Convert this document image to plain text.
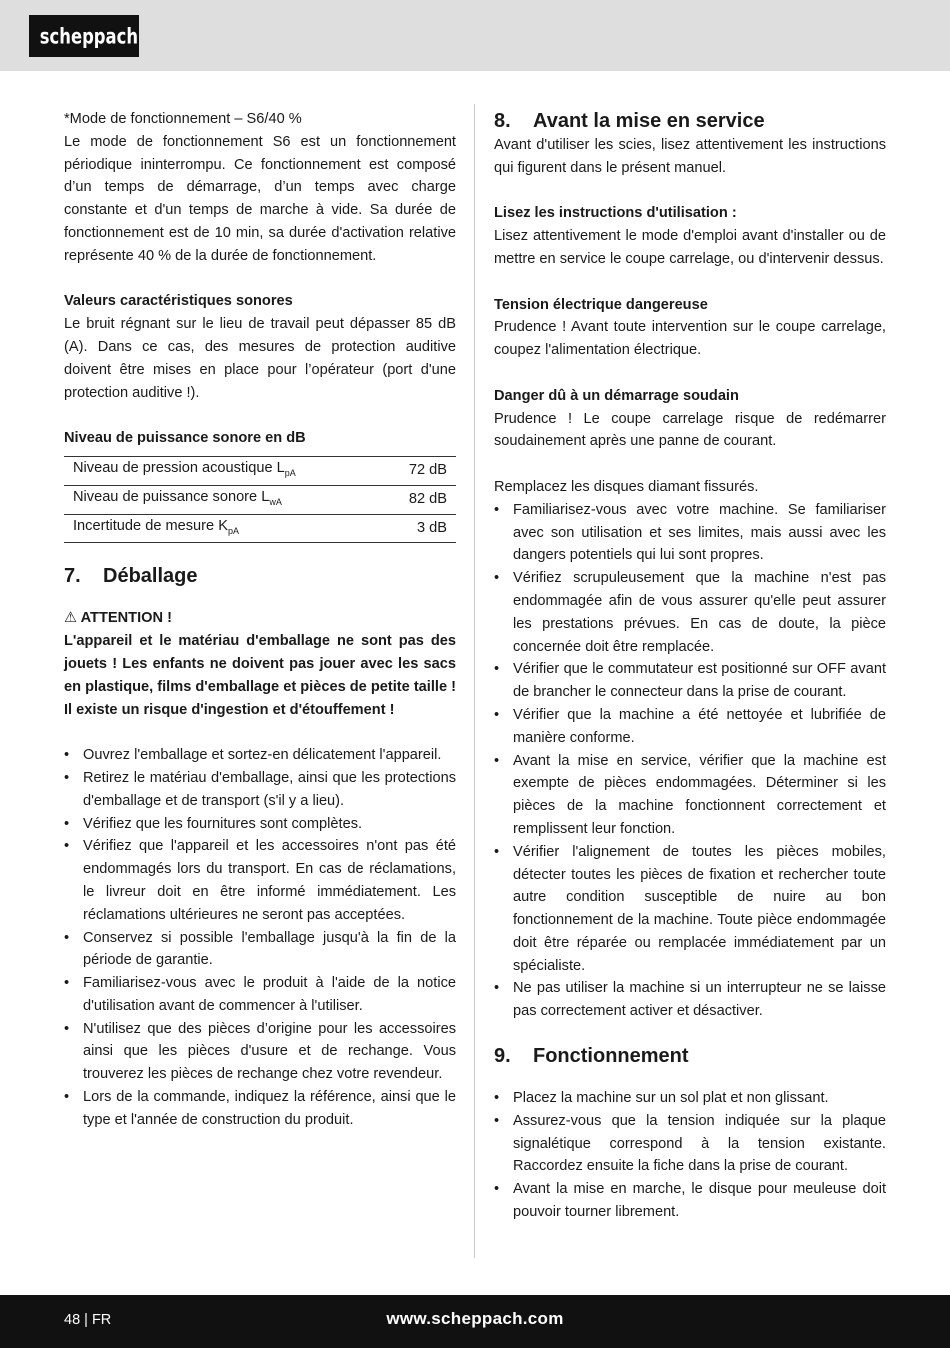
scheppach

*Mode de fonctionnement – S6/40 %

Le mode de fonctionnement S6 est un fonctionnement périodique ininterrompu. Ce fonctionnement est composé d’un temps de démarrage, d’un temps avec charge constante et d'un temps de marche à vide. Sa durée de fonctionnement est de 10 min, sa durée d'activation relative représente 40 % de la durée de fonctionnement.

Valeurs caractéristiques sonores

Le bruit régnant sur le lieu de travail peut dépasser 85 dB (A). Dans ce cas, des mesures de protection auditive doivent être mises en place pour l’opérateur (port d'une protection auditive !).

Niveau de puissance sonore en dB

Niveau de pression acoustique $L_{pA}$	72 dB
Niveau de puissance sonore $L_{wA}$	82 dB
Incertitude de mesure $K_{pA}$	3 dB
7. Déballage

⚠ ATTENTION !

L'appareil et le matériau d'emballage ne sont pas des jouets ! Les enfants ne doivent pas jouer avec les sacs en plastique, films d'emballage et pièces de petite taille ! Il existe un risque d'ingestion et d'étouffement !

• Ouvrez l'emballage et sortez-en délicatement l'appareil.
• Retirez le matériau d'emballage, ainsi que les protections d'emballage et de transport (s'il y a lieu).
• Vérifiez que les fournitures sont complètes.
• Vérifiez que l'appareil et les accessoires n'ont pas été endommagés lors du transport. En cas de réclamations, le livreur doit en être informé immédiatement. Les réclamations ultérieures ne seront pas acceptées.
• Conservez si possible l'emballage jusqu'à la fin de la période de garantie.
• Familiarisez-vous avec le produit à l'aide de la notice d'utilisation avant de commencer à l'utiliser.
• N'utilisez que des pièces d’origine pour les accessoires ainsi que les pièces d'usure et de rechange. Vous trouverez les pièces de rechange chez votre revendeur.
• Lors de la commande, indiquez la référence, ainsi que le type et l'année de construction du produit.
8. Avant la mise en service

Avant d'utiliser les scies, lisez attentivement les instructions qui figurent dans le présent manuel.

Lisez les instructions d'utilisation :

Lisez attentivement le mode d'emploi avant d'installer ou de mettre en service le coupe carrelage, ou d'intervenir dessus.

Tension électrique dangereuse

Prudence ! Avant toute intervention sur le coupe carrelage, coupez l'alimentation électrique.

Danger dû à un démarrage soudain

Prudence ! Le coupe carrelage risque de redémarrer soudainement après une panne de courant.

Remplacez les disques diamant fissurés.

• Familiarisez-vous avec votre machine. Se familiariser avec son utilisation et ses limites, mais aussi avec les dangers potentiels qui lui sont propres.
• Vérifiez scrupuleusement que la machine n'est pas endommagée afin de vous assurer qu'elle peut assurer les prestations prévues. En cas de doute, la pièce concernée doit être remplacée.
• Vérifier que le commutateur est positionné sur OFF avant de brancher le connecteur dans la prise de courant.
• Vérifier que la machine a été nettoyée et lubrifiée de manière conforme.
• Avant la mise en service, vérifier que la machine est exempte de pièces endommagées. Déterminer si les pièces de la machine fonctionnent correctement et remplissent leur fonction.
• Vérifier l'alignement de toutes les pièces mobiles, détecter toutes les pièces de fixation et rechercher toute autre condition susceptible de nuire au bon fonctionnement de la machine. Toute pièce endommagée doit être réparée ou remplacée immédiatement par un spécialiste.
• Ne pas utiliser la machine si un interrupteur ne se laisse pas correctement activer et désactiver.
9. Fonctionnement
• Placez la machine sur un sol plat et non glissant.
• Assurez-vous que la tension indiquée sur la plaque signalétique correspond à la tension existante. Raccordez ensuite la fiche dans la prise de courant.
• Avant la mise en marche, le disque pour meuleuse doit pouvoir tourner librement.
48 | FR	www.scheppach.com
